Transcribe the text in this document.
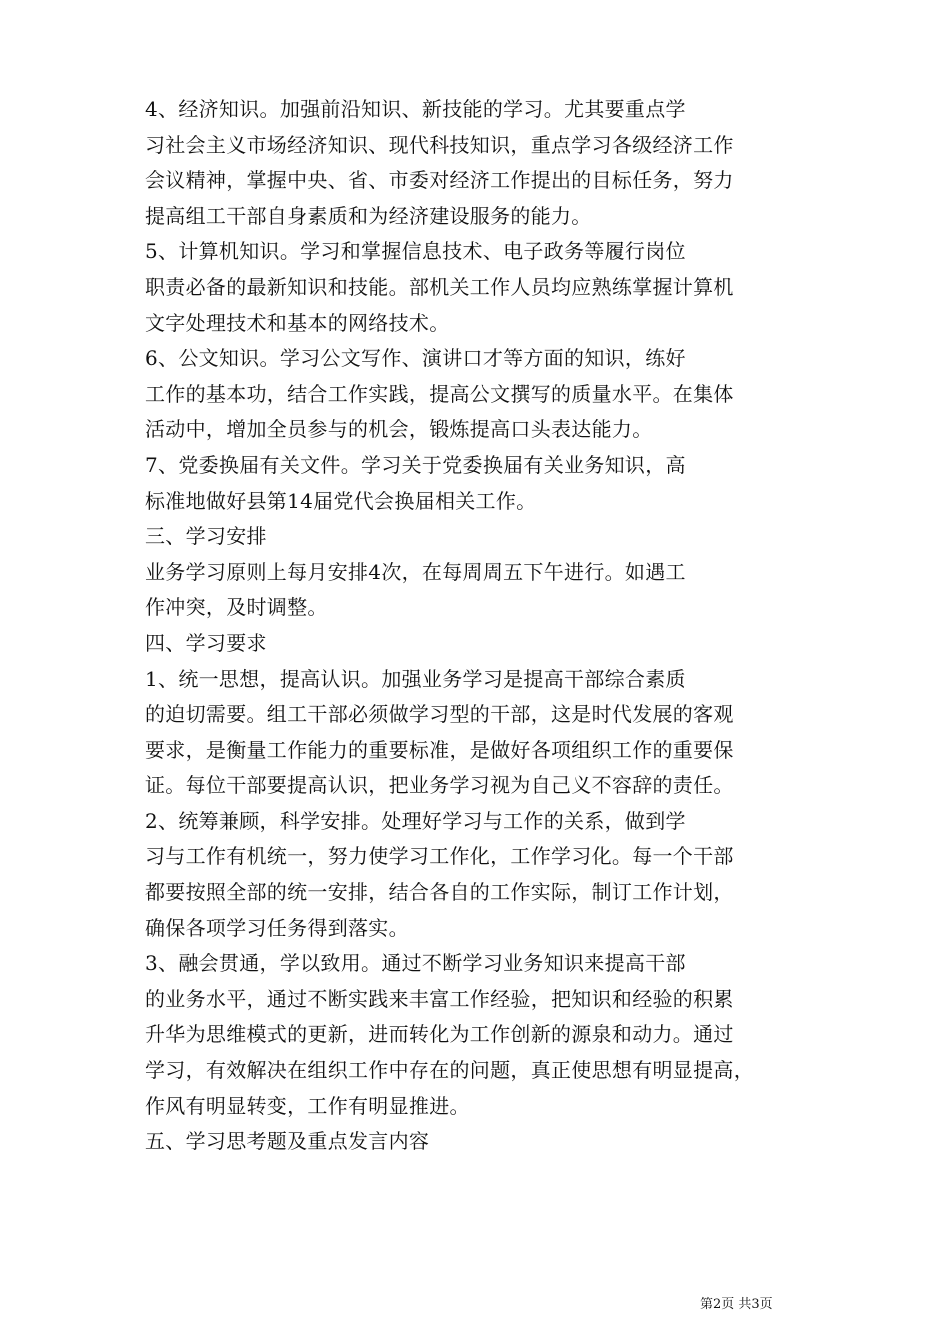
4、经济知识。加强前沿知识、新技能的学习。尤其要重点学
习社会主义市场经济知识、现代科技知识，重点学习各级经济工作
会议精神，掌握中央、省、市委对经济工作提出的目标任务，努力
提高组工干部自身素质和为经济建设服务的能力。
5、计算机知识。学习和掌握信息技术、电子政务等履行岗位
职责必备的最新知识和技能。部机关工作人员均应熟练掌握计算机
文字处理技术和基本的网络技术。
6、公文知识。学习公文写作、演讲口才等方面的知识，练好
工作的基本功，结合工作实践，提高公文撰写的质量水平。在集体
活动中，增加全员参与的机会，锻炼提高口头表达能力。
7、党委换届有关文件。学习关于党委换届有关业务知识，高
标准地做好县第14届党代会换届相关工作。
三、学习安排
业务学习原则上每月安排4次，在每周周五下午进行。如遇工
作冲突，及时调整。
四、学习要求
1、统一思想，提高认识。加强业务学习是提高干部综合素质
的迫切需要。组工干部必须做学习型的干部，这是时代发展的客观
要求，是衡量工作能力的重要标准，是做好各项组织工作的重要保
证。每位干部要提高认识，把业务学习视为自己义不容辞的责任。
2、统筹兼顾，科学安排。处理好学习与工作的关系，做到学
习与工作有机统一，努力使学习工作化，工作学习化。每一个干部
都要按照全部的统一安排，结合各自的工作实际，制订工作计划，
确保各项学习任务得到落实。
3、融会贯通，学以致用。通过不断学习业务知识来提高干部
的业务水平，通过不断实践来丰富工作经验，把知识和经验的积累
升华为思维模式的更新，进而转化为工作创新的源泉和动力。通过
学习，有效解决在组织工作中存在的问题，真正使思想有明显提高，
作风有明显转变，工作有明显推进。
五、学习思考题及重点发言内容
第2页 共3页
